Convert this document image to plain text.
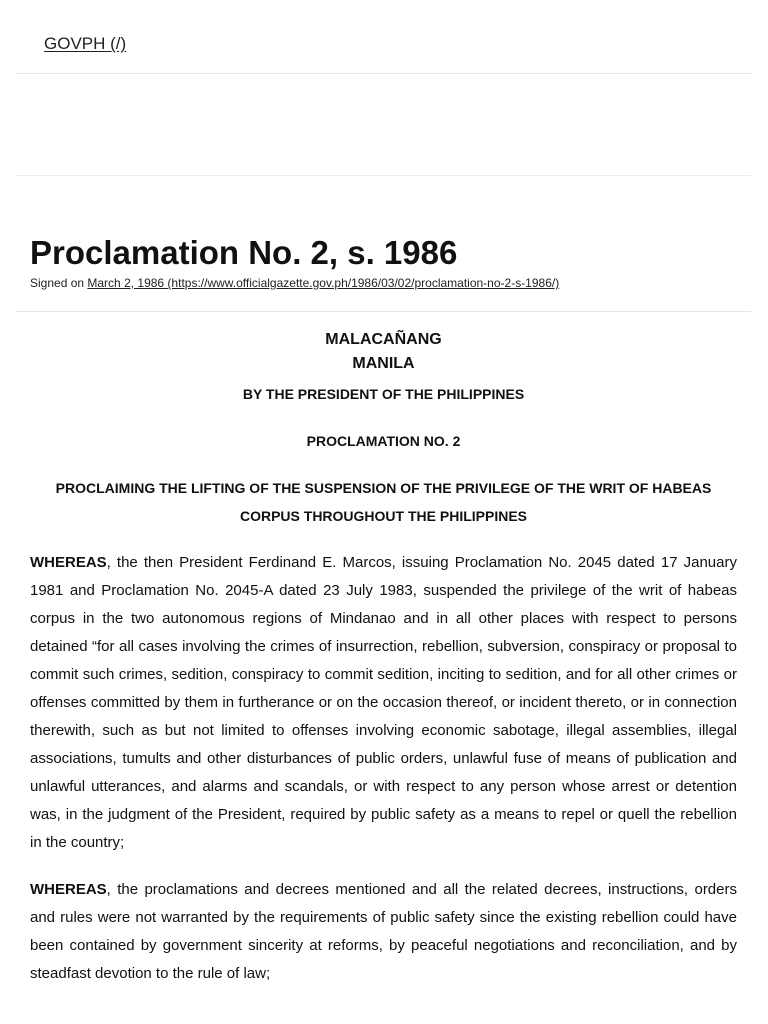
GOVPH (/)
Proclamation No. 2, s. 1986
Signed on March 2, 1986 (https://www.officialgazette.gov.ph/1986/03/02/proclamation-no-2-s-1986/)

MALACAÑANG

MANILA

BY THE PRESIDENT OF THE PHILIPPINES

PROCLAMATION NO. 2

PROCLAIMING THE LIFTING OF THE SUSPENSION OF THE PRIVILEGE OF THE WRIT OF HABEAS CORPUS THROUGHOUT THE PHILIPPINES

WHEREAS, the then President Ferdinand E. Marcos, issuing Proclamation No. 2045 dated 17 January 1981 and Proclamation No. 2045-A dated 23 July 1983, suspended the privilege of the writ of habeas corpus in the two autonomous regions of Mindanao and in all other places with respect to persons detained “for all cases involving the crimes of insurrection, rebellion, subversion, conspiracy or proposal to commit such crimes, sedition, conspiracy to commit sedition, inciting to sedition, and for all other crimes or offenses committed by them in furtherance or on the occasion thereof, or incident thereto, or in connection therewith, such as but not limited to offenses involving economic sabotage, illegal assemblies, illegal associations, tumults and other disturbances of public orders, unlawful fuse of means of publication and unlawful utterances, and alarms and scandals, or with respect to any person whose arrest or detention was, in the judgment of the President, required by public safety as a means to repel or quell the rebellion in the country;

WHEREAS, the proclamations and decrees mentioned and all the related decrees, instructions, orders and rules were not warranted by the requirements of public safety since the existing rebellion could have been contained by government sincerity at reforms, by peaceful negotiations and reconciliation, and by steadfast devotion to the rule of law;
